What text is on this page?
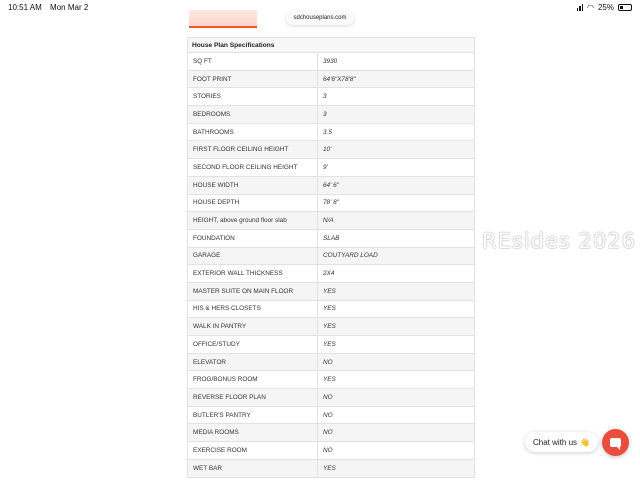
10:51 AM Mon Mar 2	◠ 25%
sdchouseplans.com
House Plan Specifications	
SQ FT	3930
FOOT PRINT	64'6"X78'8"
STORIES	3
BEDROOMS	3
BATHROOMS	3.5
FIRST FLOOR CEILING HEIGHT	10'
SECOND FLOOR CEILING HEIGHT	9'
HOUSE WIDTH	64' 6"
HOUSE DEPTH	78' 8"
HEIGHT, above ground floor slab	N/A
FOUNDATION	SLAB
GARAGE	COUTYARD LOAD
EXTERIOR WALL THICKNESS	2X4
MASTER SUITE ON MAIN FLOOR	YES
HIS & HERS CLOSETS	YES
WALK IN PANTRY	YES
OFFICE/STUDY	YES
ELEVATOR	NO
FROG/BONUS ROOM	YES
REVERSE FLOOR PLAN	NO
BUTLER'S PANTRY	NO
MEDIA ROOMS	NO
EXERCISE ROOM	NO
WET BAR	YES
REsides 2026
Chat with us 👋
